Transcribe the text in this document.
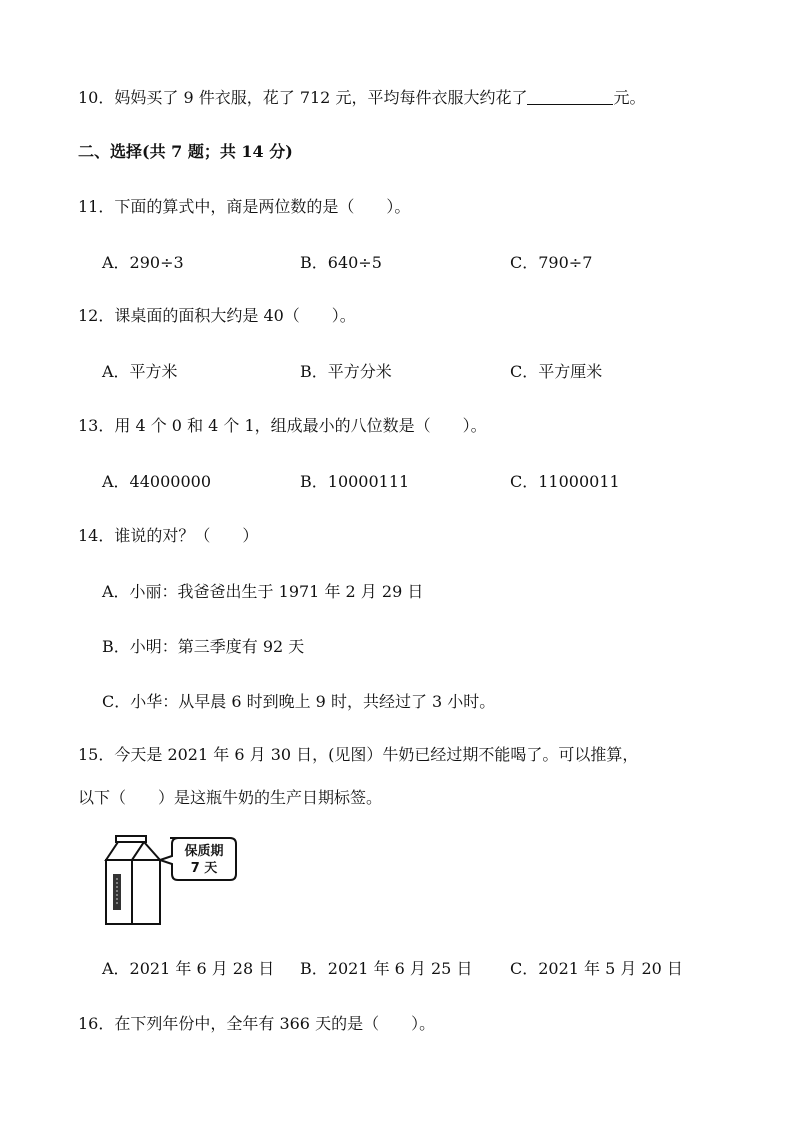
10．妈妈买了 9 件衣服，花了 712 元，平均每件衣服大约花了	元。
二、选择(共 7 题；共 14 分)
11．下面的算式中，商是两位数的是（　　）。
A．290÷3	B．640÷5	C．790÷7
12．课桌面的面积大约是 40（　　）。
A．平方米	B．平方分米	C．平方厘米
13．用 4 个 0 和 4 个 1，组成最小的八位数是（　　）。
A．44000000	B．10000111	C．11000011
14．谁说的对？（　　）
A．小丽：我爸爸出生于 1971 年 2 月 29 日
B．小明：第三季度有 92 天
C．小华：从早晨 6 时到晚上 9 时，共经过了 3 小时。
15．今天是 2021 年 6 月 30 日，(见图）牛奶已经过期不能喝了。可以推算，
以下（　　）是这瓶牛奶的生产日期标签。
保质期
7 天
A．2021 年 6 月 28 日 B．2021 年 6 月 25 日 C．2021 年 5 月 20 日
16．在下列年份中，全年有 366 天的是（　　）。
